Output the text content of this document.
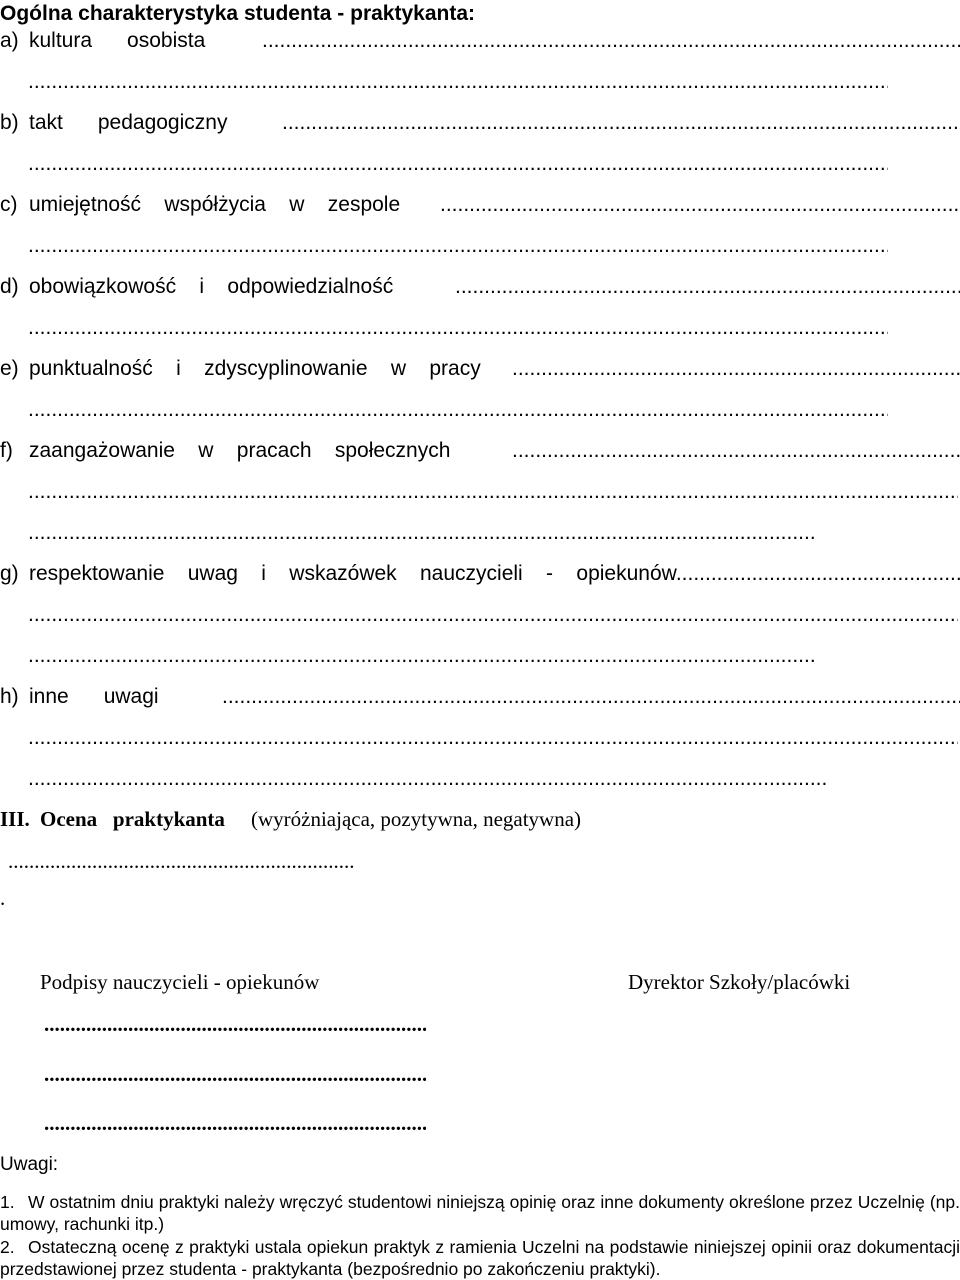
Ogólna charakterystyka studenta - praktykanta:
a) kultura      osobista
.....
.....
b) takt      pedagogiczny
.....
.....
c) umiejętność    współżycia    w    zespole
.....
.....
d) obowiązkowość    i    odpowiedzialność
.....
.....
e) punktualność    i    zdyscyplinowanie    w    pracy
.....
.....
f) zaangażowanie    w    pracach    społecznych
.....
.....
.....
g) respektowanie    uwag    i    wskazówek    nauczycieli    -    opiekunów
.....
.....
.....
h) inne      uwagi
.....
.....
.....
III. Ocena   praktykanta (wyróżniająca, pozytywna, negatywna)
.....
.
Podpisy nauczycieli - opiekunów	Dyrektor Szkoły/placówki
.....
.....
.....
Uwagi:
1. W ostatnim dniu praktyki należy wręczyć studentowi niniejszą opinię oraz inne dokumenty określone przez Uczelnię (np. umowy, rachunki itp.)
2. Ostateczną ocenę z praktyki ustala opiekun praktyk z ramienia Uczelni na podstawie niniejszej opinii oraz dokumentacji przedstawionej przez studenta - praktykanta (bezpośrednio po zakończeniu praktyki).
